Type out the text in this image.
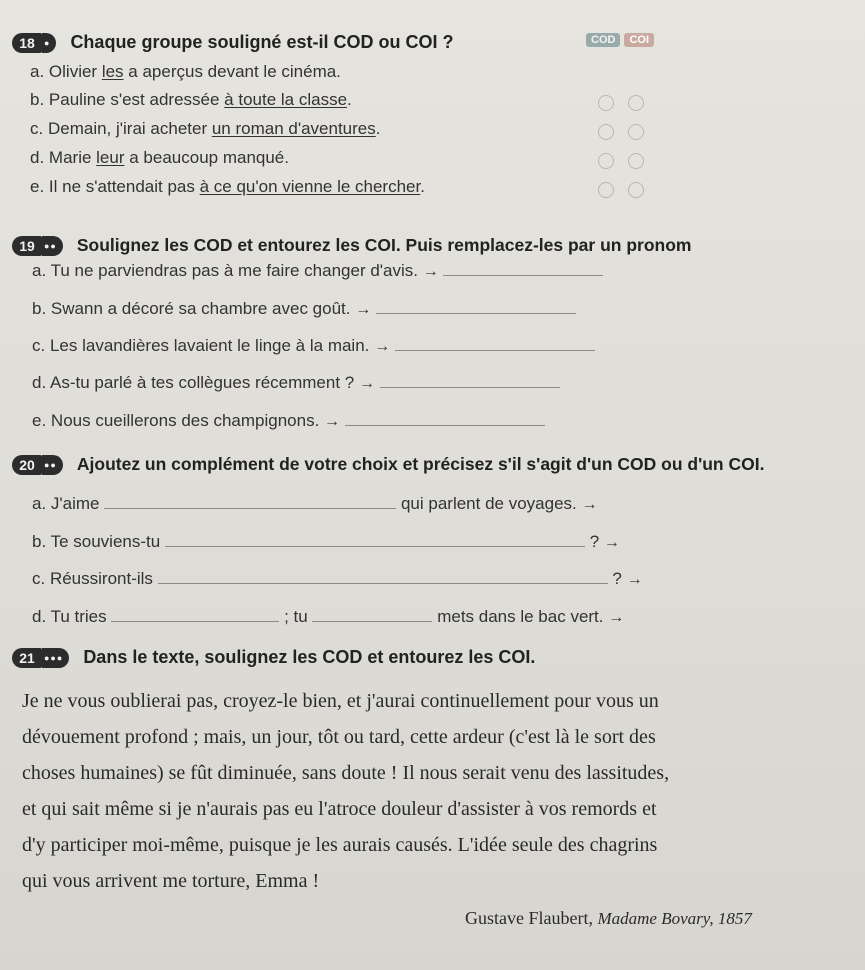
18	●	Chaque groupe souligné est-il COD ou COI ?	COD	COI
a. Olivier les a aperçus devant le cinéma.
b. Pauline s'est adressée à toute la classe.
c. Demain, j'irai acheter un roman d'aventures.
d. Marie leur a beaucoup manqué.
e. Il ne s'attendait pas à ce qu'on vienne le chercher.
19	●●	Soulignez les COD et entourez les COI. Puis remplacez-les par un pronom
a. Tu ne parviendras pas à me faire changer d'avis. →
b. Swann a décoré sa chambre avec goût. →
c. Les lavandières lavaient le linge à la main. →
d. As-tu parlé à tes collègues récemment ? →
e. Nous cueillerons des champignons. →
20	●●	Ajoutez un complément de votre choix et précisez s'il s'agit d'un COD ou d'un COI.
a. J'aime	qui parlent de voyages. →
b. Te souviens-tu	? →
c. Réussiront-ils	? →
d. Tu tries	; tu	mets dans le bac vert. →
21	●●●	Dans le texte, soulignez les COD et entourez les COI.

Je ne vous oublierai pas, croyez-le bien, et j'aurai continuellement pour vous un

dévouement profond ; mais, un jour, tôt ou tard, cette ardeur (c'est là le sort des

choses humaines) se fût diminuée, sans doute ! Il nous serait venu des lassitudes,

et qui sait même si je n'aurais pas eu l'atroce douleur d'assister à vos remords et

d'y participer moi-même, puisque je les aurais causés. L'idée seule des chagrins

qui vous arrivent me torture, Emma !

Gustave Flaubert, Madame Bovary, 1857
